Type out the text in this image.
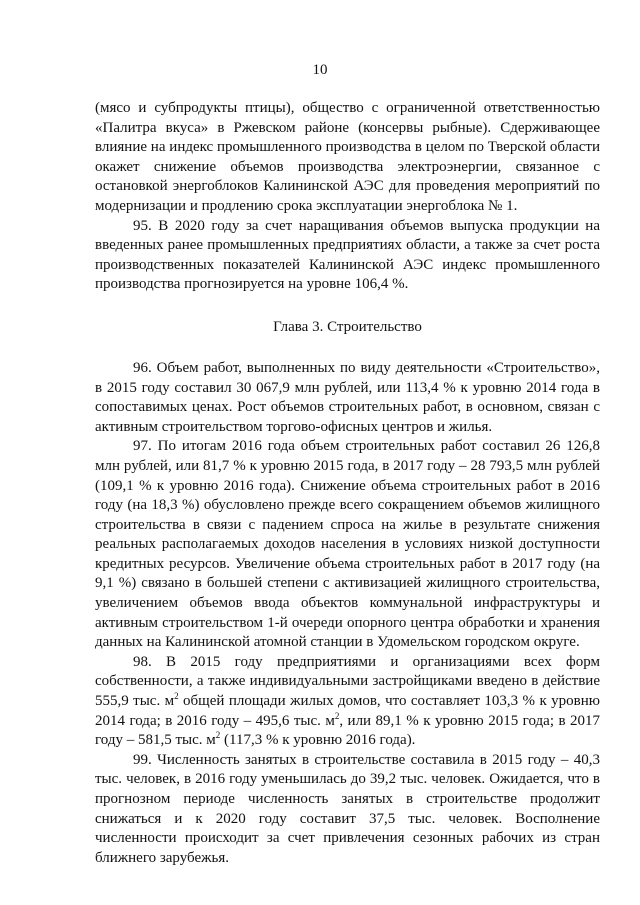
10

(мясо и субпродукты птицы), общество с ограниченной ответственностью «Палитра вкуса» в Ржевском районе (консервы рыбные). Сдерживающее влияние на индекс промышленного производства в целом по Тверской области окажет снижение объемов производства электроэнергии, связанное с остановкой энергоблоков Калининской АЭС для проведения мероприятий по модернизации и продлению срока эксплуатации энергоблока № 1.

95. В 2020 году за счет наращивания объемов выпуска продукции на введенных ранее промышленных предприятиях области, а также за счет роста производственных показателей Калининской АЭС индекс промышленного производства прогнозируется на уровне 106,4 %.

Глава 3. Строительство

96. Объем работ, выполненных по виду деятельности «Строительство», в 2015 году составил 30 067,9 млн рублей, или 113,4 % к уровню 2014 года в сопоставимых ценах. Рост объемов строительных работ, в основном, связан с активным строительством торгово-офисных центров и жилья.

97. По итогам 2016 года объем строительных работ составил 26 126,8 млн рублей, или 81,7 % к уровню 2015 года, в 2017 году – 28 793,5 млн рублей (109,1 % к уровню 2016 года). Снижение объема строительных работ в 2016 году (на 18,3 %) обусловлено прежде всего сокращением объемов жилищного строительства в связи с падением спроса на жилье в результате снижения реальных располагаемых доходов населения в условиях низкой доступности кредитных ресурсов. Увеличение объема строительных работ в 2017 году (на 9,1 %) связано в большей степени с активизацией жилищного строительства, увеличением объемов ввода объектов коммунальной инфраструктуры и активным строительством 1-й очереди опорного центра обработки и хранения данных на Калининской атомной станции в Удомельском городском округе.

98. В 2015 году предприятиями и организациями всех форм собственности, а также индивидуальными застройщиками введено в действие 555,9 тыс. $м^2$ общей площади жилых домов, что составляет 103,3 % к уровню 2014 года; в 2016 году – 495,6 тыс. $м^2$, или 89,1 % к уровню 2015 года; в 2017 году – 581,5 тыс. $м^2$ (117,3 % к уровню 2016 года).

99. Численность занятых в строительстве составила в 2015 году – 40,3 тыс. человек, в 2016 году уменьшилась до 39,2 тыс. человек. Ожидается, что в прогнозном периоде численность занятых в строительстве продолжит снижаться и к 2020 году составит 37,5 тыс. человек. Восполнение численности происходит за счет привлечения сезонных рабочих из стран ближнего зарубежья.
